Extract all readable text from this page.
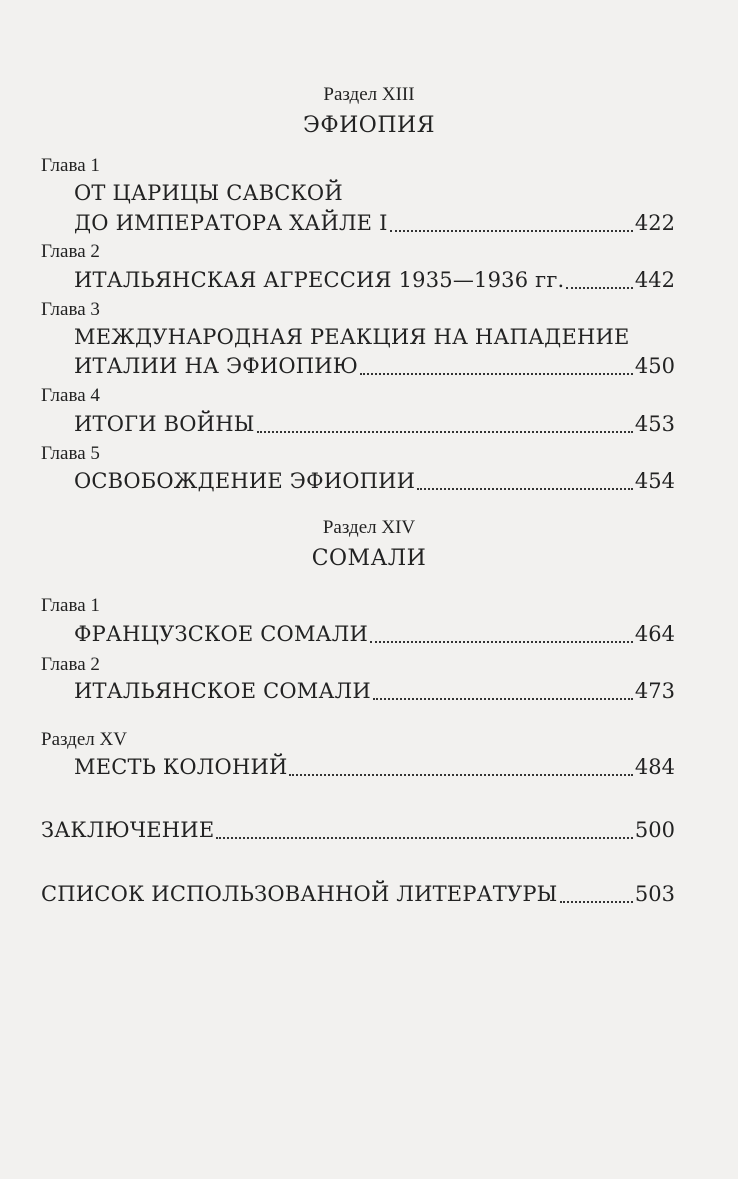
Раздел XIII
ЭФИОПИЯ
Глава 1
ОТ ЦАРИЦЫ САВСКОЙ
ДО ИМПЕРАТОРА ХАЙЛЕ I	422
Глава 2
ИТАЛЬЯНСКАЯ АГРЕССИЯ 1935—1936 гг.	442
Глава 3
МЕЖДУНАРОДНАЯ РЕАКЦИЯ НА НАПАДЕНИЕ
ИТАЛИИ НА ЭФИОПИЮ	450
Глава 4
ИТОГИ ВОЙНЫ	453
Глава 5
ОСВОБОЖДЕНИЕ ЭФИОПИИ	454
Раздел XIV
СОМАЛИ
Глава 1
ФРАНЦУЗСКОЕ СОМАЛИ	464
Глава 2
ИТАЛЬЯНСКОЕ СОМАЛИ	473
Раздел XV
МЕСТЬ КОЛОНИЙ	484
ЗАКЛЮЧЕНИЕ	500
СПИСОК ИСПОЛЬЗОВАННОЙ ЛИТЕРАТУРЫ	503
